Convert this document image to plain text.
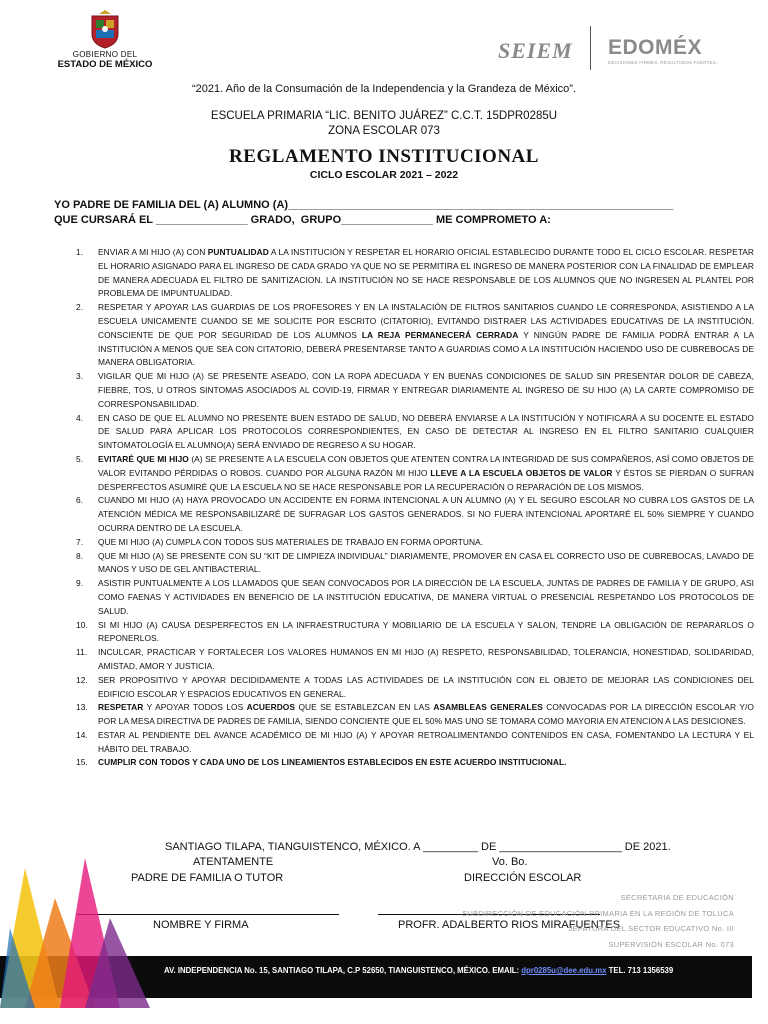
GOBIERNO DEL
ESTADO DE MÉXICO
SEIEM EDOMÉX
DECISIONES FIRMES, RESULTADOS FUERTES.
“2021. Año de la Consumación de la Independencia y la Grandeza de México”.
ESCUELA PRIMARIA “LIC. BENITO JUÁREZ” C.C.T. 15DPR0285U
ZONA ESCOLAR 073
REGLAMENTO INSTITUCIONAL
CICLO ESCOLAR 2021 – 2022
YO PADRE DE FAMILIA DEL (A) ALUMNO (A)_______________________________________________________________
QUE CURSARÁ EL _______________ GRADO,  GRUPO_______________ ME COMPROMETO A:
1. ENVIAR A MI HIJO (A) CON PUNTUALIDAD A LA INSTITUCIÓN Y RESPETAR EL HORARIO OFICIAL ESTABLECIDO DURANTE TODO EL CICLO ESCOLAR. RESPETAR EL HORARIO ASIGNADO PARA EL INGRESO DE CADA GRADO YA QUE NO SE PERMITIRA EL INGRESO DE MANERA POSTERIOR CON LA FINALIDAD DE EMPLEAR DE MANERA ADECUADA EL FILTRO DE SANITIZACION. LA INSTITUCIÓN NO SE HACE RESPONSABLE DE LOS ALUMNOS QUE NO INGRESEN AL PLANTEL POR PROBLEMA DE IMPUNTUALIDAD.
2. RESPETAR Y APOYAR LAS GUARDIAS DE LOS PROFESORES Y EN LA INSTALACIÓN DE FILTROS SANITARIOS CUANDO LE CORRESPONDA, ASISTIENDO A LA ESCUELA UNICAMENTE CUANDO SE ME SOLICITE POR ESCRITO (CITATORIO), EVITANDO DISTRAER LAS ACTIVIDADES EDUCATIVAS DE LA INSTITUCIÓN. CONSCIENTE DE QUE POR SEGURIDAD DE LOS ALUMNOS LA REJA PERMANECERÁ CERRADA Y NINGÚN PADRE DE FAMILIA PODRÁ ENTRAR A LA INSTITUCIÓN A MENOS QUE SEA CON CITATORIO, DEBERÁ PRESENTARSE TANTO A GUARDIAS COMO A LA INSTITUCIÓN HACIENDO USO DE CUBREBOCAS DE MANERA OBLIGATORIA.
3. VIGILAR QUE MI HIJO (A) SE PRESENTE ASEADO, CON LA ROPA ADECUADA Y EN BUENAS CONDICIONES DE SALUD SIN PRESENTAR DOLOR DE CABEZA, FIEBRE, TOS, U OTROS SINTOMAS ASOCIADOS AL COVID-19, FIRMAR Y ENTREGAR DIARIAMENTE AL INGRESO DE SU HIJO (A) LA CARTE COMPROMISO DE CORRESPONSABILIDAD.
4. EN CASO DE QUE EL ALUMNO NO PRESENTE BUEN ESTADO DE SALUD, NO DEBERÁ ENVIARSE A LA INSTITUCIÓN Y NOTIFICARÁ A SU DOCENTE EL ESTADO DE SALUD PARA APLICAR LOS PROTOCOLOS CORRESPONDIENTES, EN CASO DE DETECTAR AL INGRESO EN EL FILTRO SANITARIO CUALQUIER SINTOMATOLOGÍA EL ALUMNO(A) SERÁ ENVIADO DE REGRESO A SU HOGAR.
5. EVITARÉ QUE MI HIJO (A) SE PRESENTE A LA ESCUELA CON OBJETOS QUE ATENTEN CONTRA LA INTEGRIDAD DE SUS COMPAÑEROS, ASÍ COMO OBJETOS DE VALOR EVITANDO PÉRDIDAS O ROBOS. CUANDO POR ALGUNA RAZÓN MI HIJO LLEVE A LA ESCUELA OBJETOS DE VALOR Y ÉSTOS SE PIERDAN O SUFRAN DESPERFECTOS ASUMIRÉ QUE LA ESCUELA NO SE HACE RESPONSABLE POR LA RECUPERACIÓN O REPARACIÓN DE LOS MISMOS.
6. CUANDO MI HIJO (A) HAYA PROVOCADO UN ACCIDENTE EN FORMA INTENCIONAL A UN ALUMNO (A) Y EL SEGURO ESCOLAR NO CUBRA LOS GASTOS DE LA ATENCIÓN MÉDICA ME RESPONSABILIZARÉ DE SUFRAGAR LOS GASTOS GENERADOS. SI NO FUERA INTENCIONAL APORTARÉ EL 50% SIEMPRE Y CUANDO OCURRA DENTRO DE LA ESCUELA.
7. QUE MI HIJO (A) CUMPLA CON TODOS SUS MATERIALES DE TRABAJO EN FORMA OPORTUNA.
8. QUE MI HIJO (A) SE PRESENTE CON SU “KIT DE LIMPIEZA INDIVIDUAL” DIARIAMENTE, PROMOVER EN CASA EL CORRECTO USO DE CUBREBOCAS, LAVADO DE MANOS Y USO DE GEL ANTIBACTERIAL.
9. ASISTIR PUNTUALMENTE A LOS LLAMADOS QUE SEAN CONVOCADOS POR LA DIRECCIÓN DE LA ESCUELA, JUNTAS DE PADRES DE FAMILIA Y DE GRUPO, ASI COMO FAENAS Y ACTIVIDADES EN BENEFICIO DE LA INSTITUCIÓN EDUCATIVA, DE MANERA VIRTUAL O PRESENCIAL RESPETANDO LOS PROTOCOLOS DE SALUD.
10. SI MI HIJO (A) CAUSA DESPERFECTOS EN LA INFRAESTRUCTURA Y MOBILIARIO DE LA ESCUELA Y SALON, TENDRE LA OBLIGACIÓN DE REPARARLOS O REPONERLOS.
11. INCULCAR, PRACTICAR Y FORTALECER LOS VALORES HUMANOS EN MI HIJO (A) RESPETO, RESPONSABILIDAD, TOLERANCIA, HONESTIDAD, SOLIDARIDAD, AMISTAD, AMOR Y JUSTICIA.
12. SER PROPOSITIVO Y APOYAR DECIDIDAMENTE A TODAS LAS ACTIVIDADES DE LA INSTITUCIÓN CON EL OBJETO DE MEJORAR LAS CONDICIONES DEL EDIFICIO ESCOLAR Y ESPACIOS EDUCATIVOS EN GENERAL.
13. RESPETAR Y APOYAR TODOS LOS ACUERDOS QUE SE ESTABLEZCAN EN LAS ASAMBLEAS GENERALES CONVOCADAS POR LA DIRECCIÓN ESCOLAR Y/O POR LA MESA DIRECTIVA DE PADRES DE FAMILIA, SIENDO CONCIENTE QUE EL 50% MAS UNO SE TOMARA COMO MAYORIA EN ATENCION A LAS DESICIONES.
14. ESTAR AL PENDIENTE DEL AVANCE ACADÉMICO DE MI HIJO (A) Y APOYAR RETROALIMENTANDO CONTENIDOS EN CASA, FOMENTANDO LA LECTURA Y EL HÁBITO DEL TRABAJO.
15. CUMPLIR CON TODOS Y CADA UNO DE LOS LINEAMIENTOS ESTABLECIDOS EN ESTE ACUERDO INSTITUCIONAL.
SANTIAGO TILAPA, TIANGUISTENCO, MÉXICO. A _________ DE ____________________ DE 2021.
ATENTAMENTE	Vo. Bo.
PADRE DE FAMILIA O TUTOR	DIRECCIÓN ESCOLAR
NOMBRE Y FIRMA	PROFR. ADALBERTO RIOS MIRAFUENTES
SECRETARIA DE EDUCACIÓN
SUBDIRECCIÓN DE EDUCACIÓN PRIMARIA EN LA REGIÓN DE TOLUCA
JEFATURA DEL SECTOR EDUCATIVO No. III
SUPERVISIÓN ESCOLAR No. 073
AV. INDEPENDENCIA No. 15, SANTIAGO TILAPA, C.P 52650, TIANGUISTENCO, MÉXICO. EMAIL: dpr0285u@dee.edu.mx TEL. 713 1356539
